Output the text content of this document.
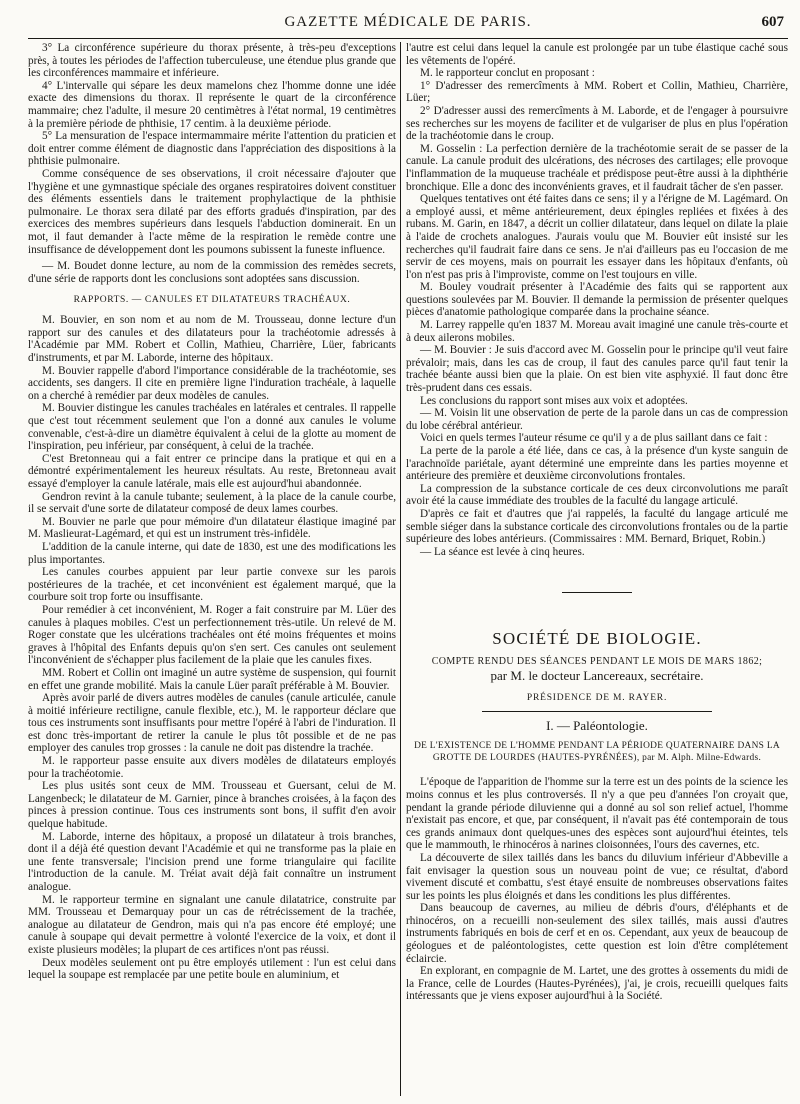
GAZETTE MÉDICALE DE PARIS.	607

3° La circonférence supérieure du thorax présente, à très-peu d'exceptions près, à toutes les périodes de l'affection tuberculeuse, une étendue plus grande que les circonférences mammaire et inférieure.

4° L'intervalle qui sépare les deux mamelons chez l'homme donne une idée exacte des dimensions du thorax. Il représente le quart de la circonférence mammaire; chez l'adulte, il mesure 20 centimètres à l'état normal, 19 centimètres à la première période de phthisie, 17 centim. à la deuxième période.

5° La mensuration de l'espace intermammaire mérite l'attention du praticien et doit entrer comme élément de diagnostic dans l'appréciation des dispositions à la phthisie pulmonaire.

Comme conséquence de ses observations, il croit nécessaire d'ajouter que l'hygiène et une gymnastique spéciale des organes respiratoires doivent constituer des éléments essentiels dans le traitement prophylactique de la phthisie pulmonaire. Le thorax sera dilaté par des efforts gradués d'inspiration, par des exercices des membres supérieurs dans lesquels l'abduction dominerait. En un mot, il faut demander à l'acte même de la respiration le remède contre une insuffisance de développement dont les poumons subissent la funeste influence.

— M. Boudet donne lecture, au nom de la commission des remèdes secrets, d'une série de rapports dont les conclusions sont adoptées sans discussion.

RAPPORTS. — CANULES ET DILATATEURS TRACHÉAUX.

M. Bouvier, en son nom et au nom de M. Trousseau, donne lecture d'un rapport sur des canules et des dilatateurs pour la trachéotomie adressés à l'Académie par MM. Robert et Collin, Mathieu, Charrière, Lüer, fabricants d'instruments, et par M. Laborde, interne des hôpitaux.

M. Bouvier rappelle d'abord l'importance considérable de la trachéotomie, ses accidents, ses dangers. Il cite en première ligne l'induration trachéale, à laquelle on a cherché à remédier par deux modèles de canules.

M. Bouvier distingue les canules trachéales en latérales et centrales. Il rappelle que c'est tout récemment seulement que l'on a donné aux canules le volume convenable, c'est-à-dire un diamètre équivalent à celui de la glotte au moment de l'inspiration, peu inférieur, par conséquent, à celui de la trachée.

C'est Bretonneau qui a fait entrer ce principe dans la pratique et qui en a démontré expérimentalement les heureux résultats. Au reste, Bretonneau avait essayé d'employer la canule latérale, mais elle est aujourd'hui abandonnée.

Gendron revint à la canule tubante; seulement, à la place de la canule courbe, il se servait d'une sorte de dilatateur composé de deux lames courbes.

M. Bouvier ne parle que pour mémoire d'un dilatateur élastique imaginé par M. Maslieurat-Lagémard, et qui est un instrument très-infidèle.

L'addition de la canule interne, qui date de 1830, est une des modifications les plus importantes.

Les canules courbes appuient par leur partie convexe sur les parois postérieures de la trachée, et cet inconvénient est également marqué, que la courbure soit trop forte ou insuffisante.

Pour remédier à cet inconvénient, M. Roger a fait construire par M. Lüer des canules à plaques mobiles. C'est un perfectionnement très-utile. Un relevé de M. Roger constate que les ulcérations trachéales ont été moins fréquentes et moins graves à l'hôpital des Enfants depuis qu'on s'en sert. Ces canules ont seulement l'inconvénient de s'échapper plus facilement de la plaie que les canules fixes.

MM. Robert et Collin ont imaginé un autre système de suspension, qui fournit en effet une grande mobilité. Mais la canule Lüer paraît préférable à M. Bouvier.

Après avoir parlé de divers autres modèles de canules (canule articulée, canule à moitié inférieure rectiligne, canule flexible, etc.), M. le rapporteur déclare que tous ces instruments sont insuffisants pour mettre l'opéré à l'abri de l'induration. Il est donc très-important de retirer la canule le plus tôt possible et de ne pas employer des canules trop grosses : la canule ne doit pas distendre la trachée.

M. le rapporteur passe ensuite aux divers modèles de dilatateurs employés pour la trachéotomie.

Les plus usités sont ceux de MM. Trousseau et Guersant, celui de M. Langenbeck; le dilatateur de M. Garnier, pince à branches croisées, à la façon des pinces à pression continue. Tous ces instruments sont bons, il suffit d'en avoir quelque habitude.

M. Laborde, interne des hôpitaux, a proposé un dilatateur à trois branches, dont il a déjà été question devant l'Académie et qui ne transforme pas la plaie en une fente transversale; l'incision prend une forme triangulaire qui facilite l'introduction de la canule. M. Tréiat avait déjà fait connaître un instrument analogue.

M. le rapporteur termine en signalant une canule dilatatrice, construite par MM. Trousseau et Demarquay pour un cas de rétrécissement de la trachée, analogue au dilatateur de Gendron, mais qui n'a pas encore été employé; une canule à soupape qui devait permettre à volonté l'exercice de la voix, et dont il existe plusieurs modèles; la plupart de ces artifices n'ont pas réussi.

Deux modèles seulement ont pu être employés utilement : l'un est celui dans lequel la soupape est remplacée par une petite boule en aluminium, et

l'autre est celui dans lequel la canule est prolongée par un tube élastique caché sous les vêtements de l'opéré.

M. le rapporteur conclut en proposant :

1° D'adresser des remercîments à MM. Robert et Collin, Mathieu, Charrière, Lüer;

2° D'adresser aussi des remercîments à M. Laborde, et de l'engager à poursuivre ses recherches sur les moyens de faciliter et de vulgariser de plus en plus l'opération de la trachéotomie dans le croup.

M. Gosselin : La perfection dernière de la trachéotomie serait de se passer de la canule. La canule produit des ulcérations, des nécroses des cartilages; elle provoque l'inflammation de la muqueuse trachéale et prédispose peut-être aussi à la diphthérie bronchique. Elle a donc des inconvénients graves, et il faudrait tâcher de s'en passer.

Quelques tentatives ont été faites dans ce sens; il y a l'érigne de M. Lagémard. On a employé aussi, et même antérieurement, deux épingles repliées et fixées à des rubans. M. Garin, en 1847, a décrit un collier dilatateur, dans lequel on dilate la plaie à l'aide de crochets analogues. J'aurais voulu que M. Bouvier eût insisté sur les recherches qu'il faudrait faire dans ce sens. Je n'ai d'ailleurs pas eu l'occasion de me servir de ces moyens, mais on pourrait les essayer dans les hôpitaux d'enfants, où l'on n'est pas pris à l'improviste, comme on l'est toujours en ville.

M. Bouley voudrait présenter à l'Académie des faits qui se rapportent aux questions soulevées par M. Bouvier. Il demande la permission de présenter quelques pièces d'anatomie pathologique comparée dans la prochaine séance.

M. Larrey rappelle qu'en 1837 M. Moreau avait imaginé une canule très-courte et à deux ailerons mobiles.

— M. Bouvier : Je suis d'accord avec M. Gosselin pour le principe qu'il veut faire prévaloir; mais, dans les cas de croup, il faut des canules parce qu'il faut tenir la trachée béante aussi bien que la plaie. On est bien vite asphyxié. Il faut donc être très-prudent dans ces essais.

Les conclusions du rapport sont mises aux voix et adoptées.

— M. Voisin lit une observation de perte de la parole dans un cas de compression du lobe cérébral antérieur.

Voici en quels termes l'auteur résume ce qu'il y a de plus saillant dans ce fait :

La perte de la parole a été liée, dans ce cas, à la présence d'un kyste sanguin de l'arachnoïde pariétale, ayant déterminé une empreinte dans les parties moyenne et antérieure des première et deuxième circonvolutions frontales.

La compression de la substance corticale de ces deux circonvolutions me paraît avoir été la cause immédiate des troubles de la faculté du langage articulé.

D'après ce fait et d'autres que j'ai rappelés, la faculté du langage articulé me semble siéger dans la substance corticale des circonvolutions frontales ou de la partie supérieure des lobes antérieurs. (Commissaires : MM. Bernard, Briquet, Robin.)

— La séance est levée à cinq heures.

SOCIÉTÉ DE BIOLOGIE.
COMPTE RENDU DES SÉANCES PENDANT LE MOIS DE MARS 1862;
par M. le docteur Lancereaux, secrétaire.
PRÉSIDENCE DE M. RAYER.
I. — Paléontologie.
DE L'EXISTENCE DE L'HOMME PENDANT LA PÉRIODE QUATERNAIRE DANS LA GROTTE DE LOURDES (HAUTES-PYRÉNÉES), par M. Alph. Milne-Edwards.

L'époque de l'apparition de l'homme sur la terre est un des points de la science les moins connus et les plus controversés. Il n'y a que peu d'années l'on croyait que, pendant la grande période diluvienne qui a donné au sol son relief actuel, l'homme n'existait pas encore, et que, par conséquent, il n'avait pas été contemporain de tous ces grands animaux dont quelques-unes des espèces sont aujourd'hui éteintes, tels que le mammouth, le rhinocéros à narines cloisonnées, l'ours des cavernes, etc.

La découverte de silex taillés dans les bancs du diluvium inférieur d'Abbeville a fait envisager la question sous un nouveau point de vue; ce résultat, d'abord vivement discuté et combattu, s'est étayé ensuite de nombreuses observations faites sur les points les plus éloignés et dans les conditions les plus différentes.

Dans beaucoup de cavernes, au milieu de débris d'ours, d'éléphants et de rhinocéros, on a recueilli non-seulement des silex taillés, mais aussi d'autres instruments fabriqués en bois de cerf et en os. Cependant, aux yeux de beaucoup de géologues et de paléontologistes, cette question est loin d'être complétement éclaircie.

En explorant, en compagnie de M. Lartet, une des grottes à ossements du midi de la France, celle de Lourdes (Hautes-Pyrénées), j'ai, je crois, recueilli quelques faits intéressants que je viens exposer aujourd'hui à la Société.
